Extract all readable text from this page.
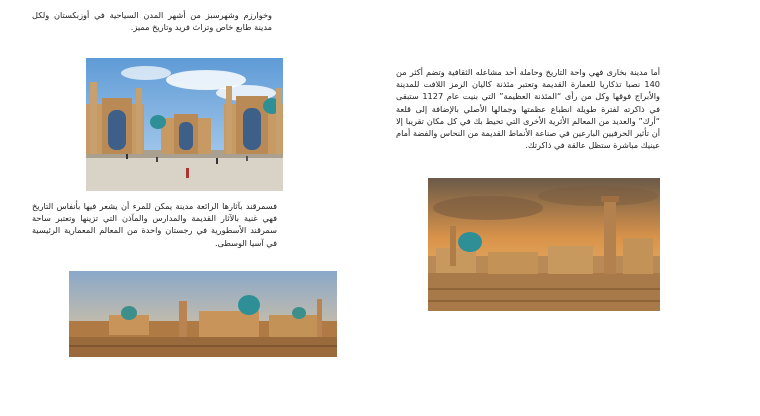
وخوارزم وشهرسبز من أشهر المدن السياحية في أوزبكستان ولكل مدينة طابع خاص وتراث فريد وتاريخ مميز.

أما مدينة بخارى فهي واحة التاريخ وحاملة أحد مشاعله الثقافية وتضم أكثر من 140 نصبا تذكاريا للعمارة القديمة وتعتبر مئذنة كاليان الرمز اللافت للمدينة والأبراج فوقها وكل من رأى “المئذنة العظيمة” التي بنيت عام 1127 ستبقى في ذاكرته لفترة طويلة انطباع عظمتها وجمالها الأصلي بالإضافة إلى قلعة “أرك” والعديد من المعالم الأثرية الأخرى التي تحيط بك في كل مكان تقريبا إلا أن تأثير الحرفيين البارعين في صناعة الأنماط القديمة من النحاس والفضة أمام عينيك مباشرة ستظل عالقة في ذاكرتك.

فسمرقند بآثارها الرائعة مدينة يمكن للمرء أن يشعر فيها بأنفاس التاريخ فهي غنية بالآثار القديمة والمدارس والمآذن التي تزينها وتعتبر ساحة سمرقند الأسطورية في رجستان واحدة من المعالم المعمارية الرئيسية في آسيا الوسطى.
